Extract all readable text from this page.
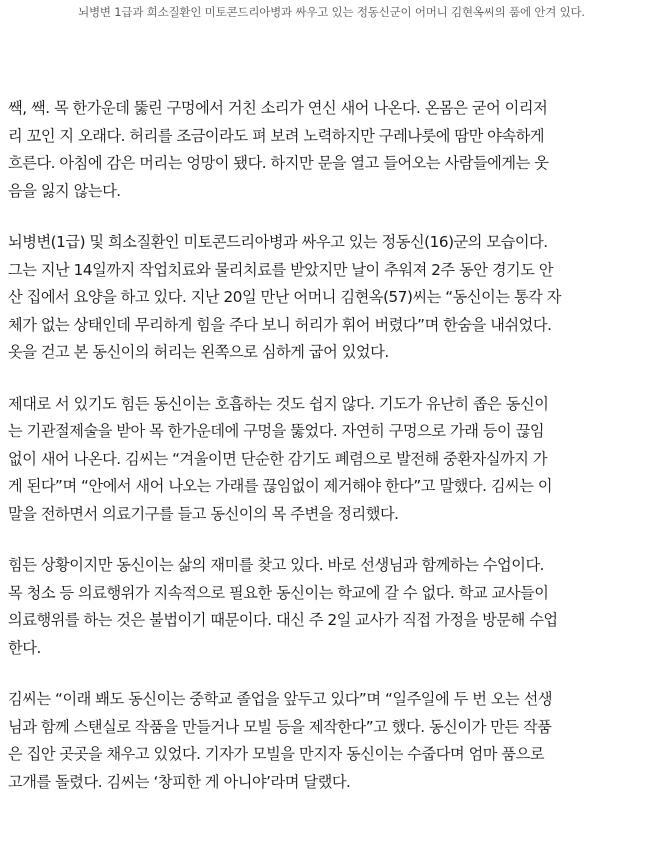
뇌병변 1급과 희소질환인 미토콘드리아병과 싸우고 있는 정동신군이 어머니 김현옥씨의 품에 안겨 있다.

쌕, 쌕. 목 한가운데 뚫린 구멍에서 거친 소리가 연신 새어 나온다. 온몸은 굳어 이리저
리 꼬인 지 오래다. 허리를 조금이라도 펴 보려 노력하지만 구레나룻에 땀만 야속하게
흐른다. 아침에 감은 머리는 엉망이 됐다. 하지만 문을 열고 들어오는 사람들에게는 웃
음을 잃지 않는다.

뇌병변(1급) 및 희소질환인 미토콘드리아병과 싸우고 있는 정동신(16)군의 모습이다.
그는 지난 14일까지 작업치료와 물리치료를 받았지만 날이 추워져 2주 동안 경기도 안
산 집에서 요양을 하고 있다. 지난 20일 만난 어머니 김현옥(57)씨는 “동신이는 통각 자
체가 없는 상태인데 무리하게 힘을 주다 보니 허리가 휘어 버렸다”며 한숨을 내쉬었다.
옷을 걷고 본 동신이의 허리는 왼쪽으로 심하게 굽어 있었다.

제대로 서 있기도 힘든 동신이는 호흡하는 것도 쉽지 않다. 기도가 유난히 좁은 동신이
는 기관절제술을 받아 목 한가운데에 구멍을 뚫었다. 자연히 구멍으로 가래 등이 끊임
없이 새어 나온다. 김씨는 “겨울이면 단순한 감기도 폐렴으로 발전해 중환자실까지 가
게 된다”며 “안에서 새어 나오는 가래를 끊임없이 제거해야 한다”고 말했다. 김씨는 이
말을 전하면서 의료기구를 들고 동신이의 목 주변을 정리했다.

힘든 상황이지만 동신이는 삶의 재미를 찾고 있다. 바로 선생님과 함께하는 수업이다.
목 청소 등 의료행위가 지속적으로 필요한 동신이는 학교에 갈 수 없다. 학교 교사들이
의료행위를 하는 것은 불법이기 때문이다. 대신 주 2일 교사가 직접 가정을 방문해 수업
한다.

김씨는 “이래 봬도 동신이는 중학교 졸업을 앞두고 있다”며 “일주일에 두 번 오는 선생
님과 함께 스탠실로 작품을 만들거나 모빌 등을 제작한다”고 했다. 동신이가 만든 작품
은 집안 곳곳을 채우고 있었다. 기자가 모빌을 만지자 동신이는 수줍다며 엄마 품으로
고개를 돌렸다. 김씨는 ‘창피한 게 아니야’라며 달랬다.
